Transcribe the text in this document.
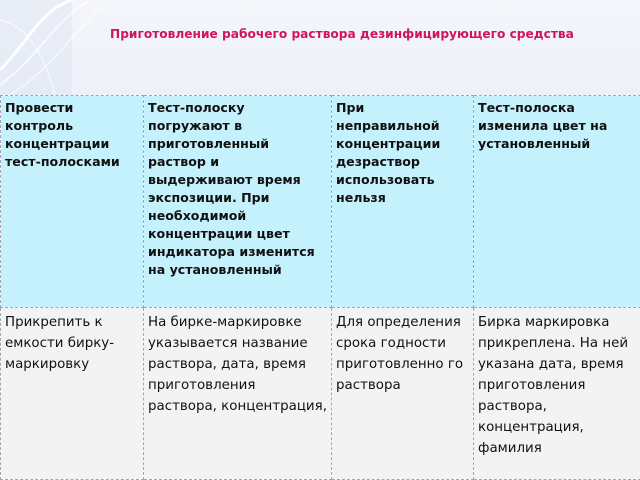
Приготовление рабочего раствора дезинфицирующего средства
Провести контроль концентрации тест-полосками	Тест-полоску погружают в приготовленный раствор и выдерживают время экспозиции. При необходимой концентрации цвет индикатора изменится на установленный	При неправильной концентрации дезраствор использовать нельзя	Тест-полоска изменила цвет на установленный

Прикрепить к емкости бирку-маркировку	На бирке-маркировке указывается название раствора, дата, время приготовления раствора, концентрация,	Для определения срока годности приготовленно го раствора	Бирка маркировка прикреплена. На ней указана дата, время приготовления раствора, концентрация, фамилия
